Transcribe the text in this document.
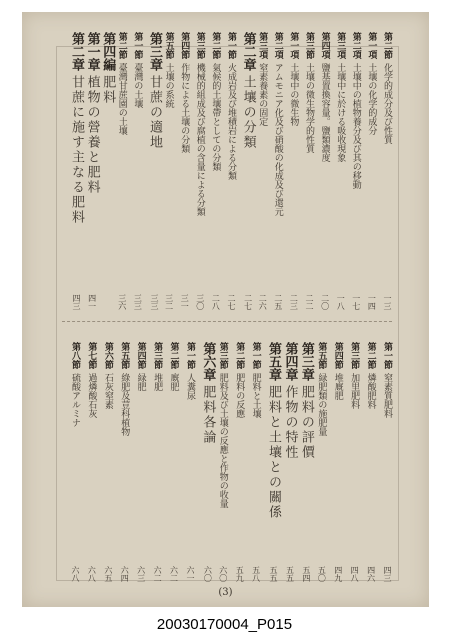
第二節化学的成分及び性質
一三
第一項土壤の化学的成分
一四
第二項土壤中の植物養分及び其の移動
一七
第三項土壤中に於ける吸收現象
一八
第四項鹽基置換容量。鹽類濃度
二〇
第三節土壤の微生物学的性質
二二
第一項土壤中の微生物
二三
第二項アムモニア化及び硝酸の化成及び還元
二五
第三項窒素養素の固定
二六
第二章土壤の分類
二七
第一節火成岩及び堆積岩による分類
二七
第二節氣候的土壤帶としての分類
二八
第三節機械的組成及び腐植の含量による分類
三〇
第四節作物による土壤の分類
三一
第五節土壤の系統
三二
第三章甘蔗の適地
三三
第一節臺灣の土壤
三三
第二節臺灣甘蔗園の土壤
三六
第四編肥料
第一章植物の營養と肥料
四一
第二章甘蔗に施す主なる肥料
四三
第一節窒素質肥料
四三
第二節燐酸肥料
四六
第三節加里肥料
四八
第四節堆廐肥
四九
第五節緑肥類の施肥量
五〇
第三章肥料の評價
五四
第四章作物の特性
五五
第五章肥料と土壤との關係
五五
第一節肥料と土壤
五八
第二節肥料の反應
五九
第三節肥料及び土壤の反應と作物の收量
六〇
第六章肥料各論
六〇
第一節人糞尿
六一
第二節廐肥
六二
第三節堆肥
六二
第四節緑肥
六三
第五節綠肥及荳科植物
六四
第六節石灰窒素
六五
第七節過燐酸石灰
六八
第八節硫酸アルミナ
六八
(3)
20030170004_P015
